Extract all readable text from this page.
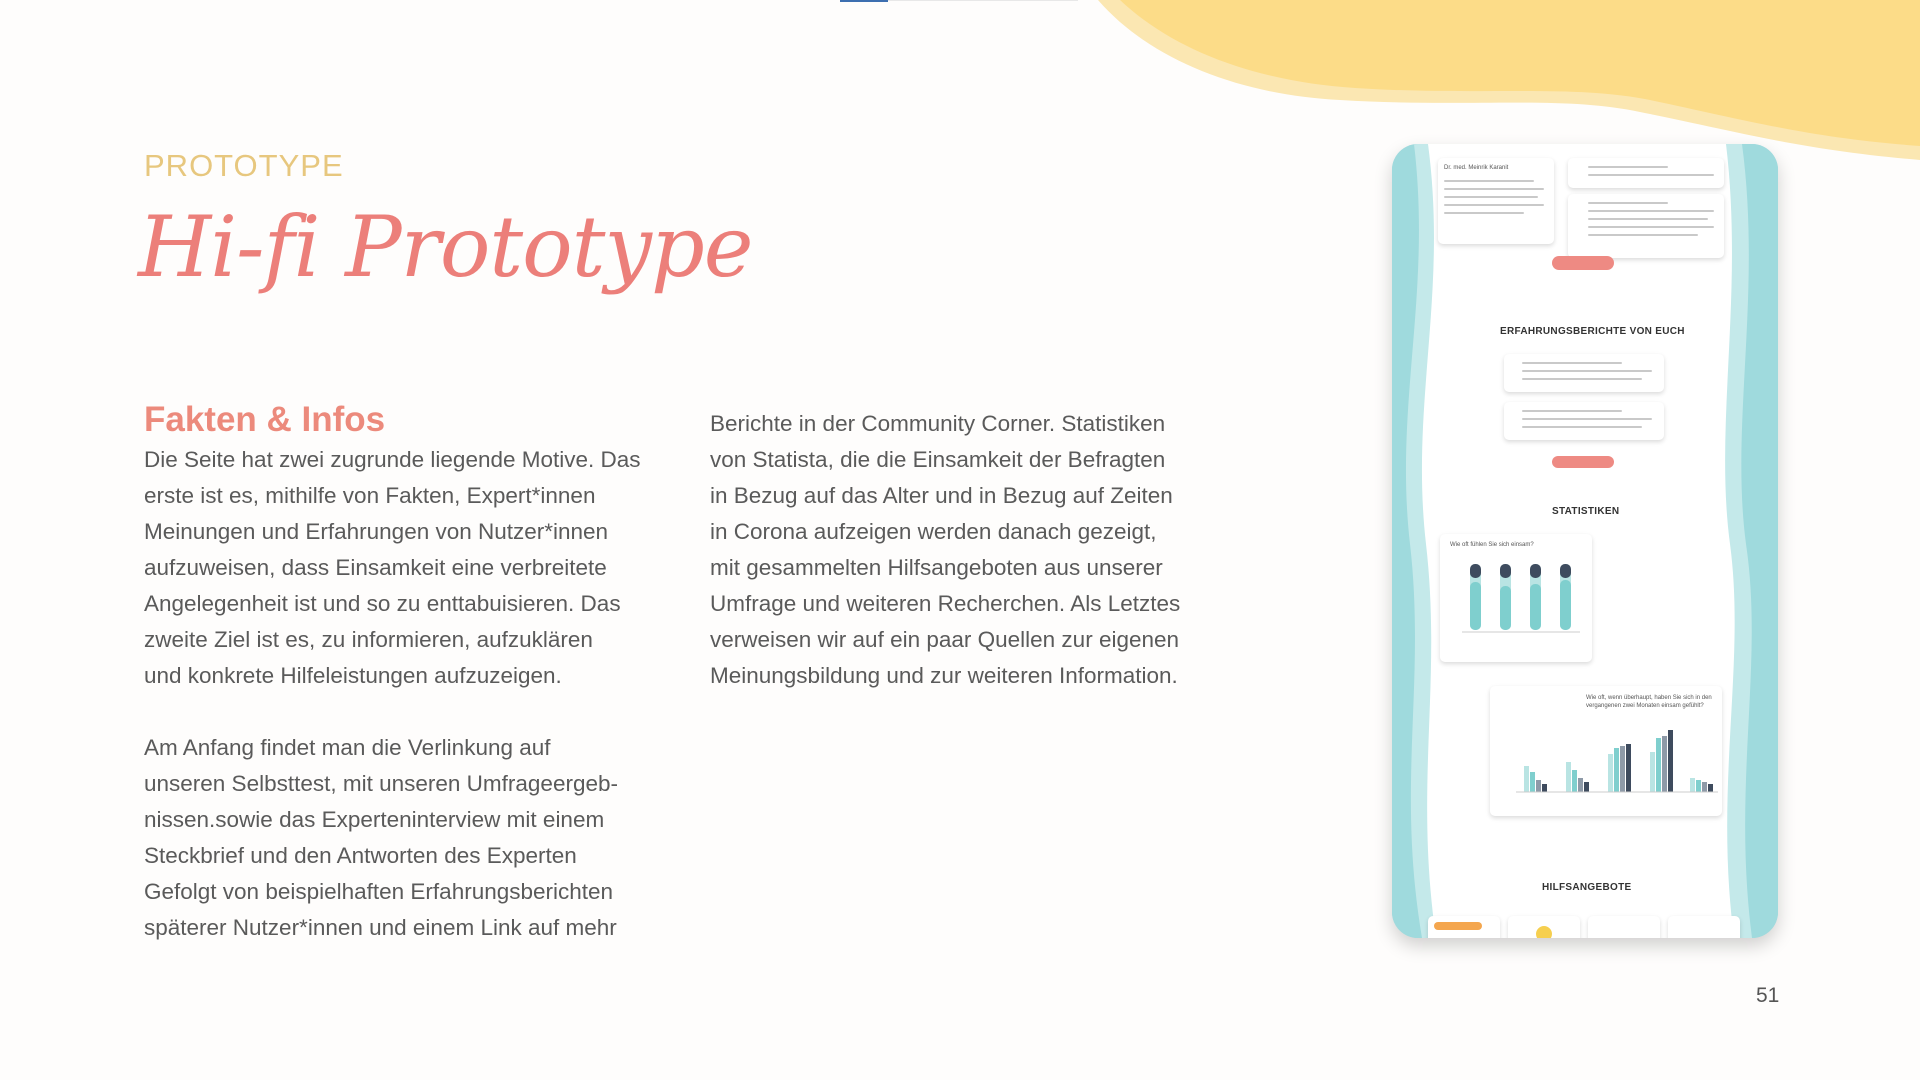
PROTOTYPE
Hi-fi Prototype
Fakten & Infos
Die Seite hat zwei zugrunde liegende Motive. Das
erste ist es, mithilfe von Fakten, Expert*innen
Meinungen und Erfahrungen von Nutzer*innen
aufzuweisen, dass Einsamkeit eine verbreitete
Angelegenheit ist und so zu enttabuisieren. Das
zweite Ziel ist es, zu informieren, aufzuklären
und konkrete Hilfeleistungen aufzuzeigen.
Am Anfang findet man die Verlinkung auf
unseren Selbsttest, mit unseren Umfrageergeb-
nissen.sowie das Experteninterview mit einem
Steckbrief und den Antworten des Experten
Gefolgt von beispielhaften Erfahrungsberichten
späterer Nutzer*innen und einem Link auf mehr
Berichte in der Community Corner. Statistiken
von Statista, die die Einsamkeit der Befragten
in Bezug auf das Alter und in Bezug auf Zeiten
in Corona aufzeigen werden danach gezeigt,
mit gesammelten Hilfsangeboten aus unserer
Umfrage und weiteren Recherchen. Als Letztes
verweisen wir auf ein paar Quellen zur eigenen
Meinungsbildung und zur weiteren Information.
51
Dr. med. Meinrik Karanit
ERFAHRUNGSBERICHTE VON EUCH
STATISTIKEN
Wie oft fühlen Sie sich einsam?
Wie oft, wenn überhaupt, haben Sie sich in den vergangenen zwei Monaten einsam gefühlt?
HILFSANGEBOTE
